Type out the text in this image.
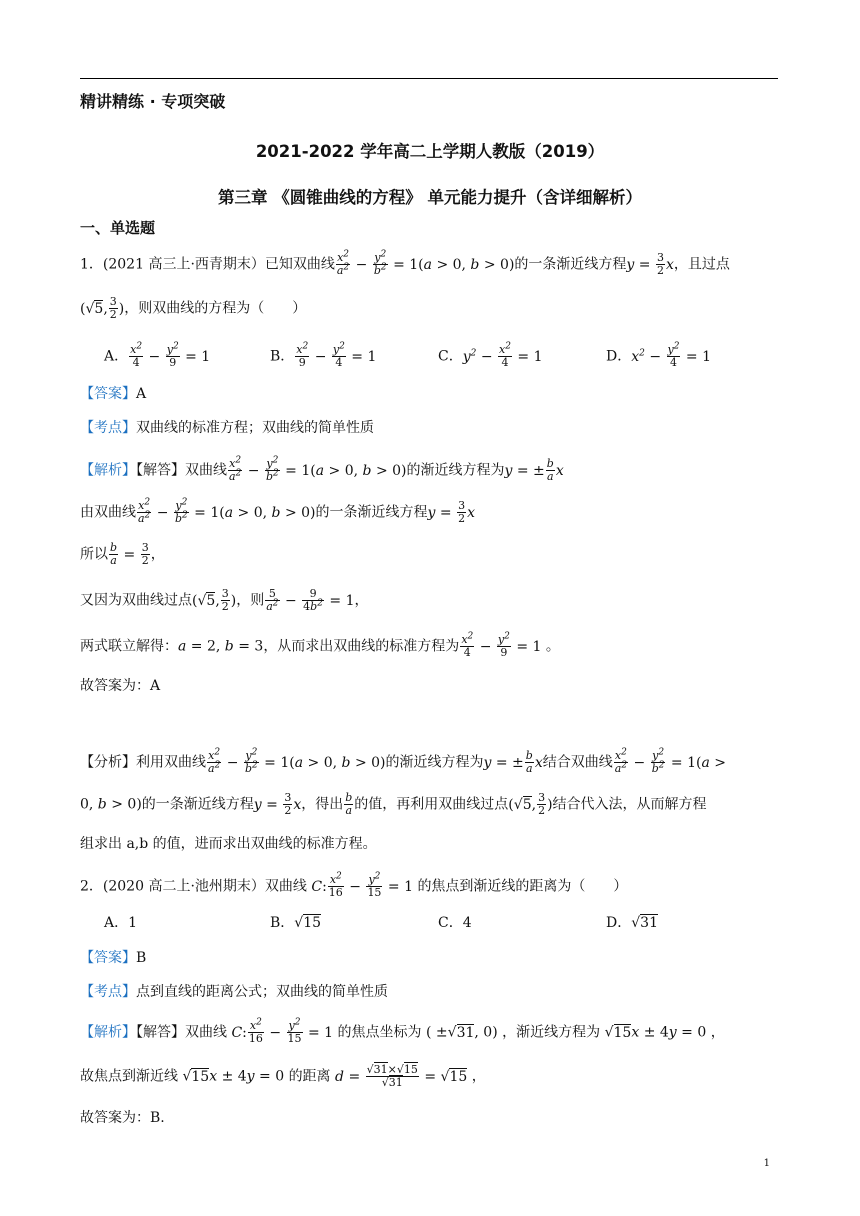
精讲精练 · 专项突破
2021-2022 学年高二上学期人教版（2019）
第三章 《圆锥曲线的方程》 单元能力提升（含详细解析）
一、单选题
1．(2021 高三上·西青期末）已知双曲线 $\frac{x^2}{a^2} - \frac{y^2}{b^2} = 1(a > 0$, b > 0)的一条渐近线方程$y = \frac{3}{2}$ x，且过点
(√5, $\frac{3}{2}$ )，则双曲线的方程为（　　）
A． $\frac{x^2}{4} - \frac{y^2}{9} = 1$	B． $\frac{x^2}{9} - \frac{y^2}{4} = 1$	C．$y^2 - \frac{x^2}{4} = 1$	D．$x^2 - \frac{y^2}{4} = 1$
【答案】A
【考点】双曲线的标准方程；双曲线的简单性质
【解析】【解答】双曲线 $\frac{x^2}{a^2} - \frac{y^2}{b^2} = 1(a > 0$, b > 0)的渐近线方程为y = ± $\frac{b}{a}$ x
由双曲线 $\frac{x^2}{a^2} - \frac{y^2}{b^2} = 1(a > 0$, b > 0)的一条渐近线方程$y = \frac{3}{2}$ x
所以 $\frac{b}{a} = \frac{3}{2}$ ，
又因为双曲线过点(√5, $\frac{3}{2}$ )，则 $\frac{5}{a^2} - \frac{9}{4b^2} = 1$，
两式联立解得：a = 2, b = 3，从而求出双曲线的标准方程为 $\frac{x^2}{4} - \frac{y^2}{9} = 1$ 。
故答案为：A
【分析】利用双曲线 $\frac{x^2}{a^2} - \frac{y^2}{b^2} = 1(a > 0$, b > 0)的渐近线方程为y = ± $\frac{b}{a}$ x结合双曲线 $\frac{x^2}{a^2} - \frac{y^2}{b^2} = 1(a$ >
0, b > 0)的一条渐近线方程$y = \frac{3}{2}$ x，得出 $\frac{b}{a}$ 的值，再利用双曲线过点(√5, $\frac{3}{2}$ )结合代入法，从而解方程
组求出 a,b 的值，进而求出双曲线的标准方程。
2．(2020 高二上·池州期末）双曲线 C: $\frac{x^2}{16} - \frac{y^2}{15} = 1$ 的焦点到渐近线的距离为（　　）
A．1	B．√15	C．4	D．√31
【答案】B
【考点】点到直线的距离公式；双曲线的简单性质
【解析】【解答】双曲线 C: $\frac{x^2}{16} - \frac{y^2}{15} = 1$ 的焦点坐标为 ( ±√31, 0) ，渐近线方程为 √15x ± 4y = 0 ，
故焦点到渐近线 √15x ± 4y = 0 的距离 $d = \frac{√31\times√15}{√31} = √15$ ，
故答案为：B.
1
